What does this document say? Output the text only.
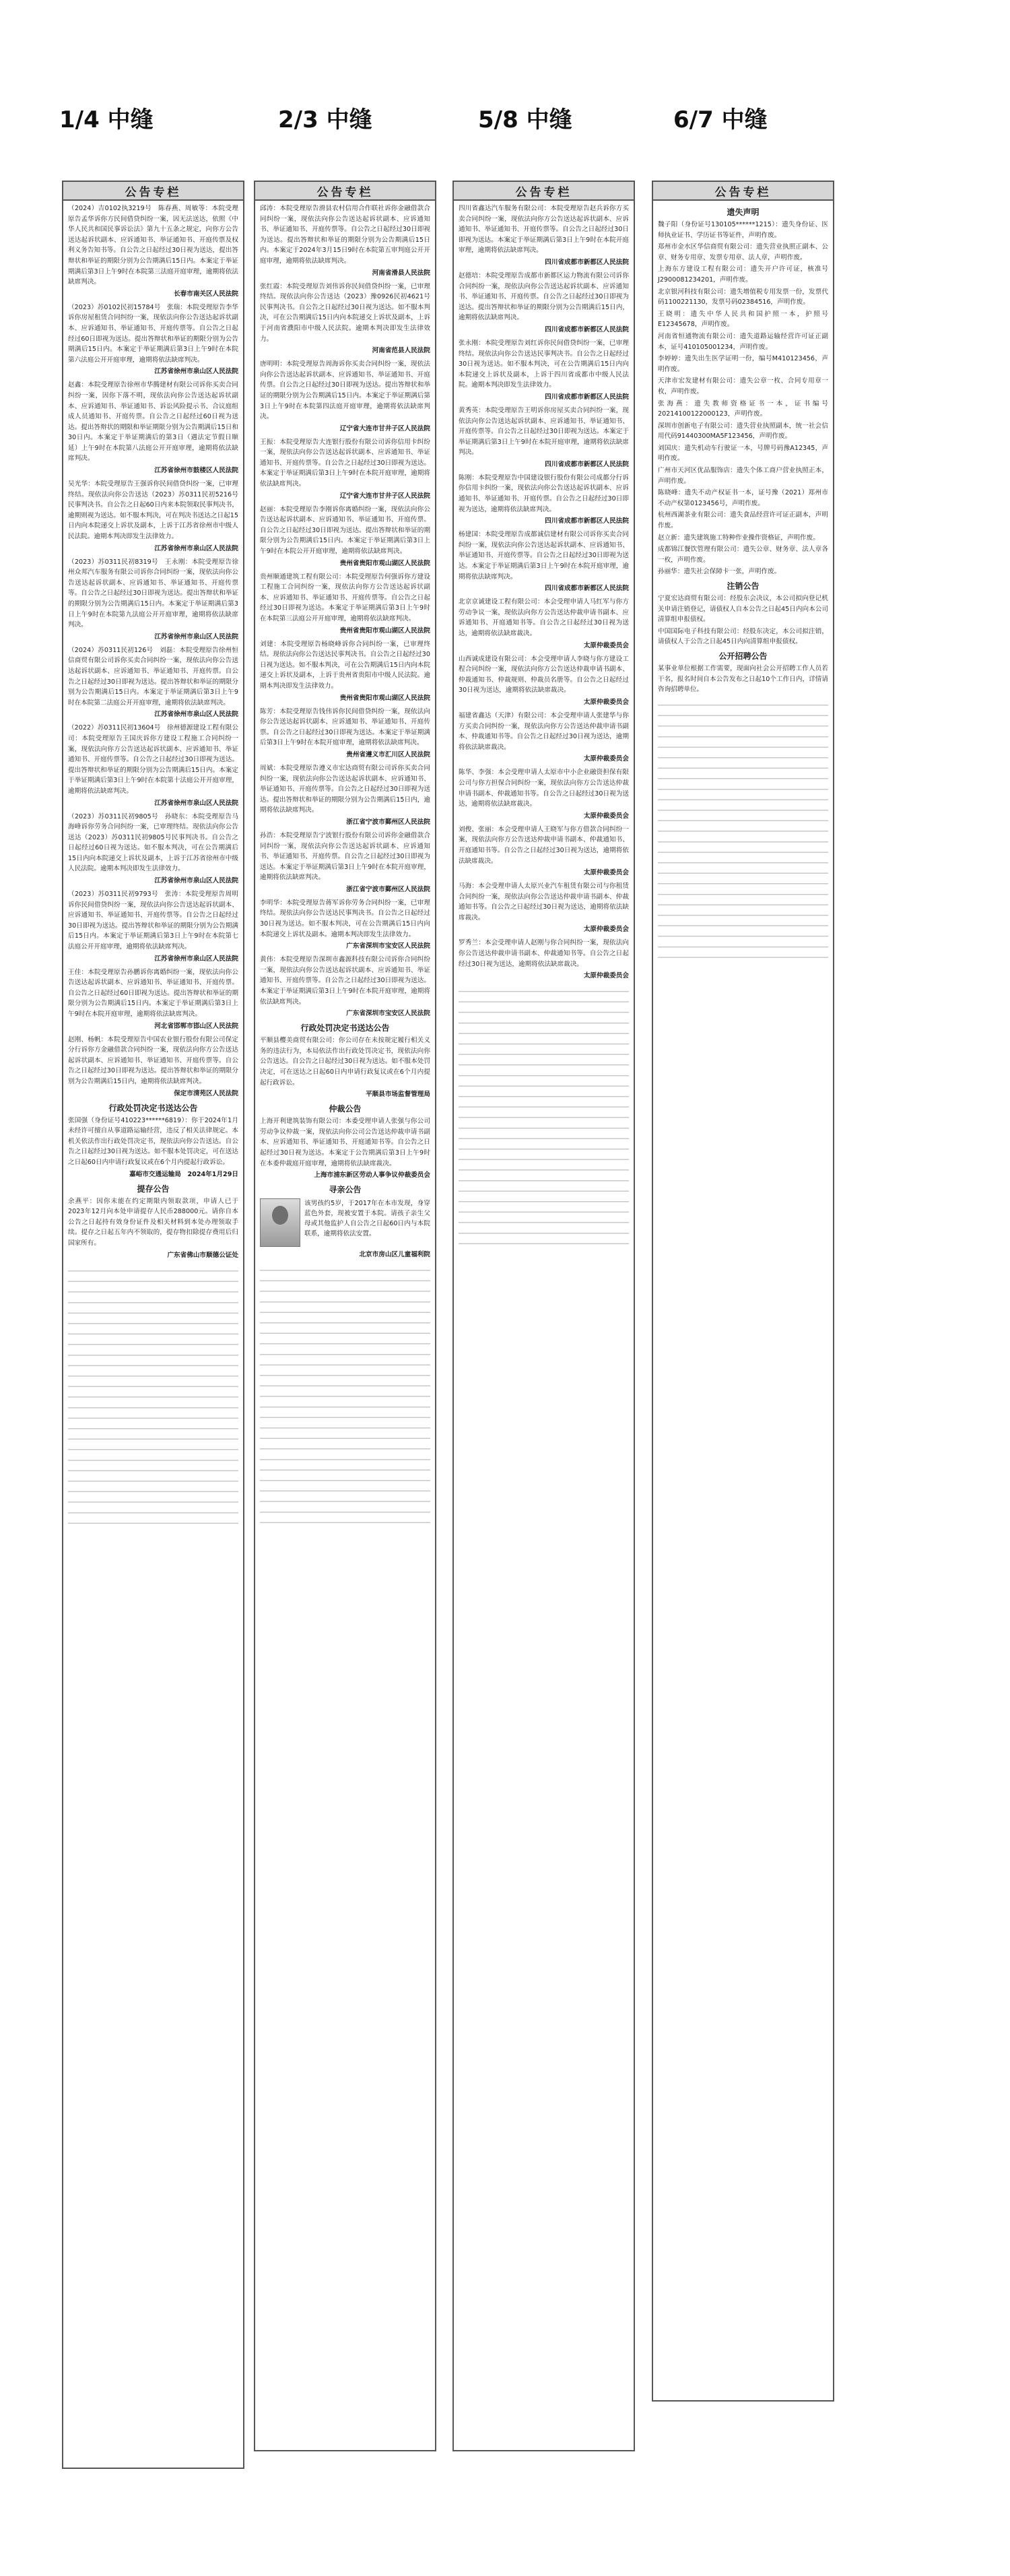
1/4 中缝	2/3 中缝	5/8 中缝	6/7 中缝
公告专栏
（2024）吉0102执3219号　陈春燕、周敏等：本院受理原告孟华诉你方民间借贷纠纷一案，因无法送达，依照《中华人民共和国民事诉讼法》第九十五条之规定，向你方公告送达起诉状副本、应诉通知书、举证通知书、开庭传票及权利义务告知书等。自公告之日起经过30日视为送达，提出答辩状和举证的期限分别为公告期满后15日内。本案定于举证期满后第3日上午9时在本院第三法庭开庭审理，逾期将依法缺席判决。
长春市南关区人民法院
（2023）苏0102民初15784号　张瑞：本院受理原告李华诉你房屋租赁合同纠纷一案，现依法向你公告送达起诉状副本、应诉通知书、举证通知书、开庭传票等。自公告之日起经过60日即视为送达。提出答辩状和举证的期限分别为公告期满后15日内。本案定于举证期满后第3日上午9时在本院第六法庭公开开庭审理，逾期将依法缺席判决。
江苏省徐州市泉山区人民法院
赵鑫：本院受理原告徐州市华腾建材有限公司诉你买卖合同纠纷一案，因你下落不明，现依法向你公告送达起诉状副本、应诉通知书、举证通知书、诉讼风险提示书、合议庭组成人员通知书、开庭传票。自公告之日起经过60日视为送达。提出答辩状的期限和举证期限分别为公告期满后15日和30日内。本案定于举证期满后的第3日（遇法定节假日顺延）上午9时在本院第八法庭公开开庭审理，逾期将依法缺席判决。
江苏省徐州市鼓楼区人民法院
吴光华：本院受理原告王强诉你民间借贷纠纷一案，已审理终结。现依法向你公告送达（2023）苏0311民初5216号民事判决书。自公告之日起60日内来本院领取民事判决书，逾期则视为送达。如不服本判决，可在判决书送达之日起15日内向本院递交上诉状及副本，上诉于江苏省徐州市中级人民法院。逾期本判决即发生法律效力。
江苏省徐州市泉山区人民法院
（2023）苏0311民初8319号　王永刚：本院受理原告徐州众邦汽车服务有限公司诉你合同纠纷一案，现依法向你公告送达起诉状副本、应诉通知书、举证通知书、开庭传票等。自公告之日起经过30日即视为送达。提出答辩状和举证的期限分别为公告期满后15日内。本案定于举证期满后第3日上午9时在本院第九法庭公开开庭审理，逾期将依法缺席判决。
江苏省徐州市泉山区人民法院
（2024）苏0311民初126号　刘磊：本院受理原告徐州恒信商贸有限公司诉你买卖合同纠纷一案，现依法向你公告送达起诉状副本、应诉通知书、举证通知书、开庭传票。自公告之日起经过30日即视为送达。提出答辩状和举证的期限分别为公告期满后15日内。本案定于举证期满后第3日上午9时在本院第二法庭公开开庭审理，逾期将依法缺席判决。
江苏省徐州市泉山区人民法院
（2022）苏0311民初13604号　徐州德源建设工程有限公司：本院受理原告王国庆诉你方建设工程施工合同纠纷一案，现依法向你方公告送达起诉状副本、应诉通知书、举证通知书、开庭传票等。自公告之日起经过30日即视为送达。提出答辩状和举证的期限分别为公告期满后15日内。本案定于举证期满后第3日上午9时在本院第十法庭公开开庭审理，逾期将依法缺席判决。
江苏省徐州市泉山区人民法院
（2023）苏0311民初9805号　孙晓东：本院受理原告马海峰诉你劳务合同纠纷一案，已审理终结。现依法向你公告送达（2023）苏0311民初9805号民事判决书。自公告之日起经过60日视为送达。如不服本判决，可在公告期满后15日内向本院递交上诉状及副本，上诉于江苏省徐州市中级人民法院。逾期本判决即发生法律效力。
江苏省徐州市泉山区人民法院
（2023）苏0311民初9793号　张涛：本院受理原告周明诉你民间借贷纠纷一案，现依法向你公告送达起诉状副本、应诉通知书、举证通知书、开庭传票等。自公告之日起经过30日即视为送达。提出答辩状和举证的期限分别为公告期满后15日内。本案定于举证期满后第3日上午9时在本院第七法庭公开开庭审理，逾期将依法缺席判决。
江苏省徐州市泉山区人民法院
王佳：本院受理原告孙鹏诉你离婚纠纷一案，现依法向你公告送达起诉状副本、应诉通知书、举证通知书、开庭传票。自公告之日起经过60日即视为送达。提出答辩状和举证的期限分别为公告期满后15日内。本案定于举证期满后第3日上午9时在本院开庭审理，逾期将依法缺席判决。
河北省邯郸市邯山区人民法院
赵刚、杨帆：本院受理原告中国农业银行股份有限公司保定分行诉你方金融借款合同纠纷一案，现依法向你方公告送达起诉状副本、应诉通知书、举证通知书、开庭传票等。自公告之日起经过30日即视为送达。提出答辩状和举证的期限分别为公告期满后15日内，逾期将依法缺席判决。
保定市清苑区人民法院
行政处罚决定书送达公告
张国强（身份证号410223******6819）：你于2024年1月未经许可擅自从事道路运输经营，违反了相关法律规定。本机关依法作出行政处罚决定书，现依法向你公告送达。自公告之日起经过30日视为送达。如不服本处罚决定，可在送达之日起60日内申请行政复议或在6个月内提起行政诉讼。
嘉峪市交通运输局　2024年1月29日
提存公告
余燕平：因你未能在约定期限内领取款项，申请人已于2023年12月向本处申请提存人民币288000元。请你自本公告之日起持有效身份证件及相关材料到本处办理领取手续。提存之日起五年内不领取的，提存物扣除提存费用后归国家所有。
广东省佛山市顺德公证处
公告专栏
邱涛：本院受理原告滑县农村信用合作联社诉你金融借款合同纠纷一案，现依法向你公告送达起诉状副本、应诉通知书、举证通知书、开庭传票等。自公告之日起经过30日即视为送达。提出答辩状和举证的期限分别为公告期满后15日内。本案定于2024年3月15日9时在本院第五审判庭公开开庭审理，逾期将依法缺席判决。
河南省滑县人民法院
张红霞：本院受理原告刘伟诉你民间借贷纠纷一案，已审理终结。现依法向你公告送达（2023）豫0926民初4621号民事判决书。自公告之日起经过30日视为送达。如不服本判决，可在公告期满后15日内向本院递交上诉状及副本，上诉于河南省濮阳市中级人民法院。逾期本判决即发生法律效力。
河南省范县人民法院
唐明明：本院受理原告周海诉你买卖合同纠纷一案，现依法向你公告送达起诉状副本、应诉通知书、举证通知书、开庭传票。自公告之日起经过30日即视为送达。提出答辩状和举证的期限分别为公告期满后15日内。本案定于举证期满后第3日上午9时在本院第四法庭开庭审理，逾期将依法缺席判决。
辽宁省大连市甘井子区人民法院
王振：本院受理原告大连银行股份有限公司诉你信用卡纠纷一案，现依法向你公告送达起诉状副本、应诉通知书、举证通知书、开庭传票等。自公告之日起经过30日即视为送达。本案定于举证期满后第3日上午9时在本院开庭审理，逾期将依法缺席判决。
辽宁省大连市甘井子区人民法院
赵丽：本院受理原告李刚诉你离婚纠纷一案，现依法向你公告送达起诉状副本、应诉通知书、举证通知书、开庭传票。自公告之日起经过30日即视为送达。提出答辩状和举证的期限分别为公告期满后15日内。本案定于举证期满后第3日上午9时在本院公开开庭审理，逾期将依法缺席判决。
贵州省贵阳市观山湖区人民法院
贵州顺通建筑工程有限公司：本院受理原告何强诉你方建设工程施工合同纠纷一案，现依法向你方公告送达起诉状副本、应诉通知书、举证通知书、开庭传票等。自公告之日起经过30日即视为送达。本案定于举证期满后第3日上午9时在本院第三法庭公开开庭审理，逾期将依法缺席判决。
贵州省贵阳市观山湖区人民法院
刘建：本院受理原告杨晓峰诉你合同纠纷一案，已审理终结。现依法向你公告送达民事判决书。自公告之日起经过30日视为送达。如不服本判决，可在公告期满后15日内向本院递交上诉状及副本，上诉于贵州省贵阳市中级人民法院。逾期本判决即发生法律效力。
贵州省贵阳市观山湖区人民法院
陈芳：本院受理原告钱伟诉你民间借贷纠纷一案，现依法向你公告送达起诉状副本、应诉通知书、举证通知书、开庭传票。自公告之日起经过30日即视为送达。本案定于举证期满后第3日上午9时在本院开庭审理，逾期将依法缺席判决。
贵州省遵义市汇川区人民法院
周斌：本院受理原告遵义市宏达商贸有限公司诉你买卖合同纠纷一案，现依法向你公告送达起诉状副本、应诉通知书、举证通知书、开庭传票等。自公告之日起经过30日即视为送达。提出答辩状和举证的期限分别为公告期满后15日内，逾期将依法缺席判决。
浙江省宁波市鄞州区人民法院
孙浩：本院受理原告宁波银行股份有限公司诉你金融借款合同纠纷一案，现依法向你公告送达起诉状副本、应诉通知书、举证通知书、开庭传票。自公告之日起经过30日即视为送达。本案定于举证期满后第3日上午9时在本院开庭审理，逾期将依法缺席判决。
浙江省宁波市鄞州区人民法院
李明华：本院受理原告蒋军诉你劳务合同纠纷一案，已审理终结。现依法向你公告送达民事判决书。自公告之日起经过30日视为送达。如不服本判决，可在公告期满后15日内向本院递交上诉状及副本。逾期本判决即发生法律效力。
广东省深圳市宝安区人民法院
黄伟：本院受理原告深圳市鑫源科技有限公司诉你合同纠纷一案，现依法向你公告送达起诉状副本、应诉通知书、举证通知书、开庭传票等。自公告之日起经过30日即视为送达。本案定于举证期满后第3日上午9时在本院开庭审理，逾期将依法缺席判决。
广东省深圳市宝安区人民法院
行政处罚决定书送达公告
平顺县樱美商贸有限公司：你公司存在未按规定履行相关义务的违法行为，本局依法作出行政处罚决定书，现依法向你公告送达。自公告之日起经过30日视为送达。如不服本处罚决定，可在送达之日起60日内申请行政复议或在6个月内提起行政诉讼。
平顺县市场监督管理局
仲裁公告
上海开利建筑装饰有限公司：本委受理申请人张强与你公司劳动争议仲裁一案，现依法向你公司公告送达仲裁申请书副本、应诉通知书、举证通知书、开庭通知书等。自公告之日起经过30日视为送达。本案定于公告期满后第3日上午9时在本委仲裁庭开庭审理，逾期将依法缺席裁决。
上海市浦东新区劳动人事争议仲裁委员会
寻亲公告
该男孩约5岁，于2017年在本市发现，身穿蓝色外套，现被安置于本院。请孩子亲生父母或其他监护人自公告之日起60日内与本院联系，逾期将依法安置。
北京市房山区儿童福利院
公告专栏
四川省鑫达汽车服务有限公司：本院受理原告赵兵诉你方买卖合同纠纷一案，现依法向你方公告送达起诉状副本、应诉通知书、举证通知书、开庭传票等。自公告之日起经过30日即视为送达。本案定于举证期满后第3日上午9时在本院开庭审理，逾期将依法缺席判决。
四川省成都市新都区人民法院
赵德培：本院受理原告成都市新都区运力物流有限公司诉你合同纠纷一案，现依法向你公告送达起诉状副本、应诉通知书、举证通知书、开庭传票。自公告之日起经过30日即视为送达。提出答辩状和举证的期限分别为公告期满后15日内，逾期将依法缺席判决。
四川省成都市新都区人民法院
张永刚：本院受理原告刘红诉你民间借贷纠纷一案，已审理终结。现依法向你公告送达民事判决书。自公告之日起经过30日视为送达。如不服本判决，可在公告期满后15日内向本院递交上诉状及副本，上诉于四川省成都市中级人民法院。逾期本判决即发生法律效力。
四川省成都市新都区人民法院
黄秀英：本院受理原告王明诉你房屋买卖合同纠纷一案，现依法向你公告送达起诉状副本、应诉通知书、举证通知书、开庭传票等。自公告之日起经过30日即视为送达。本案定于举证期满后第3日上午9时在本院开庭审理，逾期将依法缺席判决。
四川省成都市新都区人民法院
陈刚：本院受理原告中国建设银行股份有限公司成都分行诉你信用卡纠纷一案，现依法向你公告送达起诉状副本、应诉通知书、举证通知书、开庭传票。自公告之日起经过30日即视为送达，逾期将依法缺席判决。
四川省成都市新都区人民法院
杨建国：本院受理原告成都诚信建材有限公司诉你买卖合同纠纷一案，现依法向你公告送达起诉状副本、应诉通知书、举证通知书、开庭传票等。自公告之日起经过30日即视为送达。本案定于举证期满后第3日上午9时在本院开庭审理，逾期将依法缺席判决。
四川省成都市新都区人民法院
北京京诚建设工程有限公司：本会受理申请人马红军与你方劳动争议一案，现依法向你方公告送达仲裁申请书副本、应诉通知书、开庭通知书等。自公告之日起经过30日视为送达，逾期将依法缺席裁决。
太原仲裁委员会
山西诚成建设有限公司：本会受理申请人李晓与你方建设工程合同纠纷一案，现依法向你方公告送达仲裁申请书副本、仲裁通知书、仲裁规则、仲裁员名册等。自公告之日起经过30日视为送达，逾期将依法缺席裁决。
太原仲裁委员会
福建省鑫达（天津）有限公司：本会受理申请人张建华与你方买卖合同纠纷一案，现依法向你方公告送达仲裁申请书副本、仲裁通知书等。自公告之日起经过30日视为送达，逾期将依法缺席裁决。
太原仲裁委员会
陈华、李强：本会受理申请人太原市中小企业融资担保有限公司与你方担保合同纠纷一案，现依法向你方公告送达仲裁申请书副本、仲裁通知书等。自公告之日起经过30日视为送达，逾期将依法缺席裁决。
太原仲裁委员会
刘俊、张丽：本会受理申请人王晓军与你方借款合同纠纷一案，现依法向你方公告送达仲裁申请书副本、仲裁通知书、开庭通知书等。自公告之日起经过30日视为送达，逾期将依法缺席裁决。
太原仲裁委员会
马海：本会受理申请人太原兴业汽车租赁有限公司与你租赁合同纠纷一案，现依法向你公告送达仲裁申请书副本、仲裁通知书等。自公告之日起经过30日视为送达，逾期将依法缺席裁决。
太原仲裁委员会
罗秀兰：本会受理申请人赵刚与你合同纠纷一案，现依法向你公告送达仲裁申请书副本、仲裁通知书等。自公告之日起经过30日视为送达，逾期将依法缺席裁决。
太原仲裁委员会
公告专栏
遗失声明
魏子阳（身份证号130105******1215）：遗失身份证、医师执业证书、学历证书等证件，声明作废。
郑州市金水区华信商贸有限公司：遗失营业执照正副本、公章、财务专用章、发票专用章、法人章，声明作废。
上海东方建设工程有限公司：遗失开户许可证，核准号J2900081234201，声明作废。
北京银河科技有限公司：遗失增值税专用发票一份，发票代码1100221130，发票号码02384516，声明作废。
王晓明：遗失中华人民共和国护照一本，护照号E12345678，声明作废。
河南省恒通物流有限公司：遗失道路运输经营许可证正副本，证号410105001234，声明作废。
李婷婷：遗失出生医学证明一份，编号M410123456，声明作废。
天津市宏发建材有限公司：遗失公章一枚、合同专用章一枚，声明作废。
张海燕：遗失教师资格证书一本，证书编号20214100122000123，声明作废。
深圳市创新电子有限公司：遗失营业执照副本，统一社会信用代码91440300MA5F123456，声明作废。
刘国庆：遗失机动车行驶证一本，号牌号码豫A12345，声明作废。
广州市天河区优品服饰店：遗失个体工商户营业执照正本，声明作废。
陈晓峰：遗失不动产权证书一本，证号豫（2021）郑州市不动产权第0123456号，声明作废。
杭州西湖茶业有限公司：遗失食品经营许可证正副本，声明作废。
赵立新：遗失建筑施工特种作业操作资格证，声明作废。
成都锦江餐饮管理有限公司：遗失公章、财务章、法人章各一枚，声明作废。
孙丽华：遗失社会保障卡一张，声明作废。
注销公告
宁夏宏达商贸有限公司：经股东会决议，本公司拟向登记机关申请注销登记，请债权人自本公告之日起45日内向本公司清算组申报债权。
中国国际电子科技有限公司：经股东决定，本公司拟注销，请债权人于公告之日起45日内向清算组申报债权。
公开招聘公告
某事业单位根据工作需要，现面向社会公开招聘工作人员若干名，报名时间自本公告发布之日起10个工作日内，详情请咨询招聘单位。
